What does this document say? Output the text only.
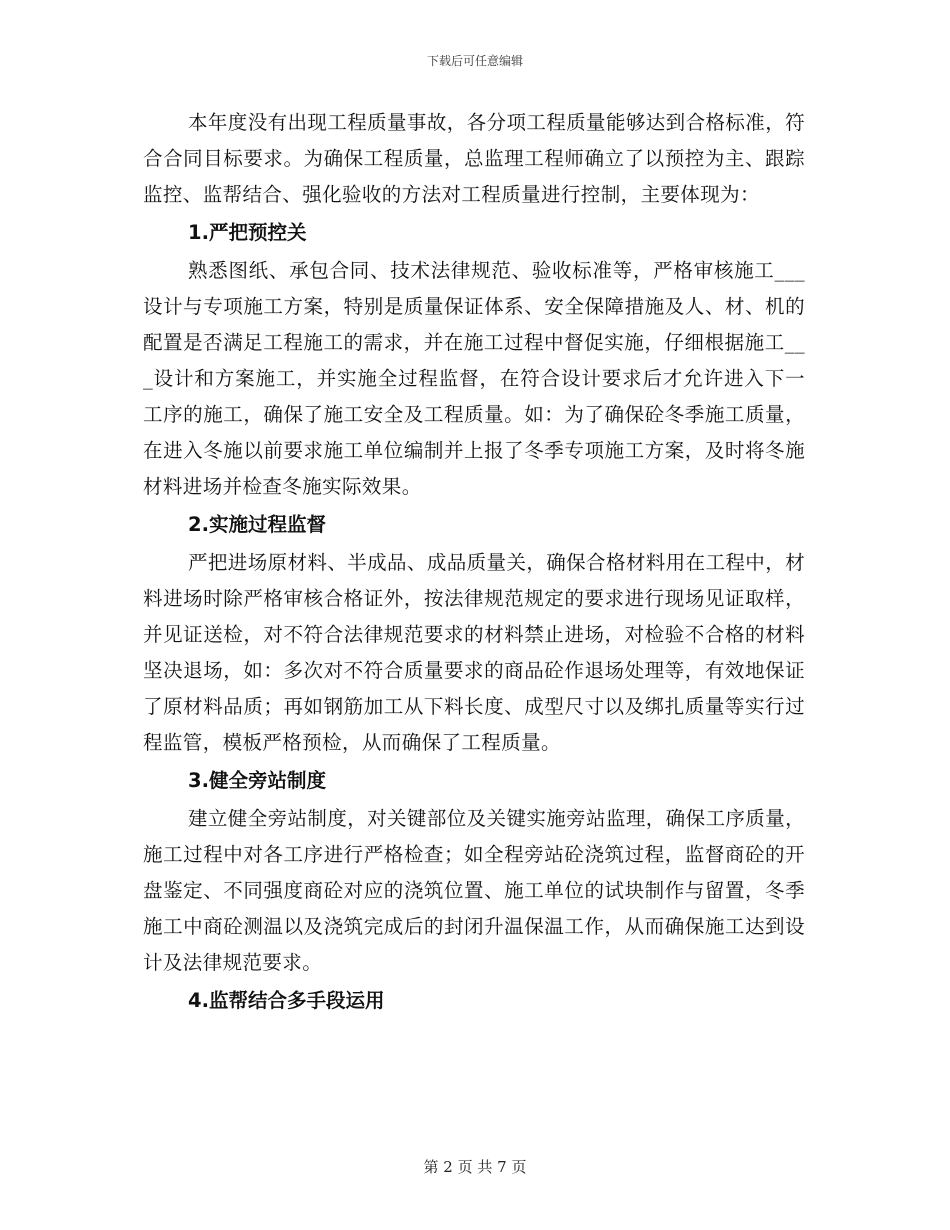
下载后可任意编辑

本年度没有出现工程质量事故，各分项工程质量能够达到合格标准，符合合同目标要求。为确保工程质量，总监理工程师确立了以预控为主、跟踪监控、监帮结合、强化验收的方法对工程质量进行控制，主要体现为：

1.严把预控关

熟悉图纸、承包合同、技术法律规范、验收标准等，严格审核施工___设计与专项施工方案，特别是质量保证体系、安全保障措施及人、材、机的配置是否满足工程施工的需求，并在施工过程中督促实施，仔细根据施工___设计和方案施工，并实施全过程监督，在符合设计要求后才允许进入下一工序的施工，确保了施工安全及工程质量。如：为了确保砼冬季施工质量，在进入冬施以前要求施工单位编制并上报了冬季专项施工方案，及时将冬施材料进场并检查冬施实际效果。

2.实施过程监督

严把进场原材料、半成品、成品质量关，确保合格材料用在工程中，材料进场时除严格审核合格证外，按法律规范规定的要求进行现场见证取样，并见证送检，对不符合法律规范要求的材料禁止进场，对检验不合格的材料坚决退场，如：多次对不符合质量要求的商品砼作退场处理等，有效地保证了原材料品质；再如钢筋加工从下料长度、成型尺寸以及绑扎质量等实行过程监管，模板严格预检，从而确保了工程质量。

3.健全旁站制度

建立健全旁站制度，对关键部位及关键实施旁站监理，确保工序质量，施工过程中对各工序进行严格检查；如全程旁站砼浇筑过程，监督商砼的开盘鉴定、不同强度商砼对应的浇筑位置、施工单位的试块制作与留置，冬季施工中商砼测温以及浇筑完成后的封闭升温保温工作，从而确保施工达到设计及法律规范要求。

4.监帮结合多手段运用
第 2 页 共 7 页
